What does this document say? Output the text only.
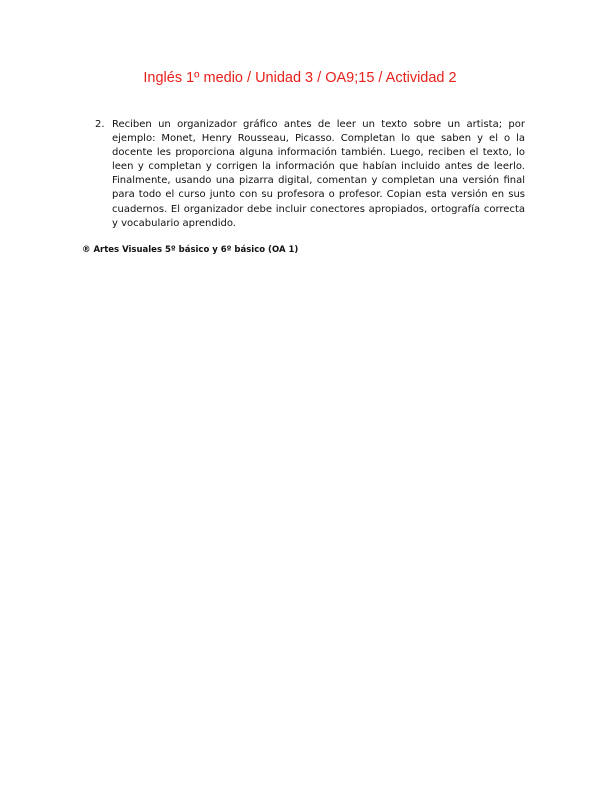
Inglés 1º medio / Unidad 3 / OA9;15 / Actividad 2
2. Reciben un organizador gráfico antes de leer un texto sobre un artista; por ejemplo: Monet, Henry Rousseau, Picasso. Completan lo que saben y el o la docente les proporciona alguna información también. Luego, reciben el texto, lo leen y completan y corrigen la información que habían incluido antes de leerlo. Finalmente, usando una pizarra digital, comentan y completan una versión final para todo el curso junto con su profesora o profesor. Copian esta versión en sus cuadernos. El organizador debe incluir conectores apropiados, ortografía correcta y vocabulario aprendido.
® Artes Visuales 5º básico y 6º básico (OA 1)
